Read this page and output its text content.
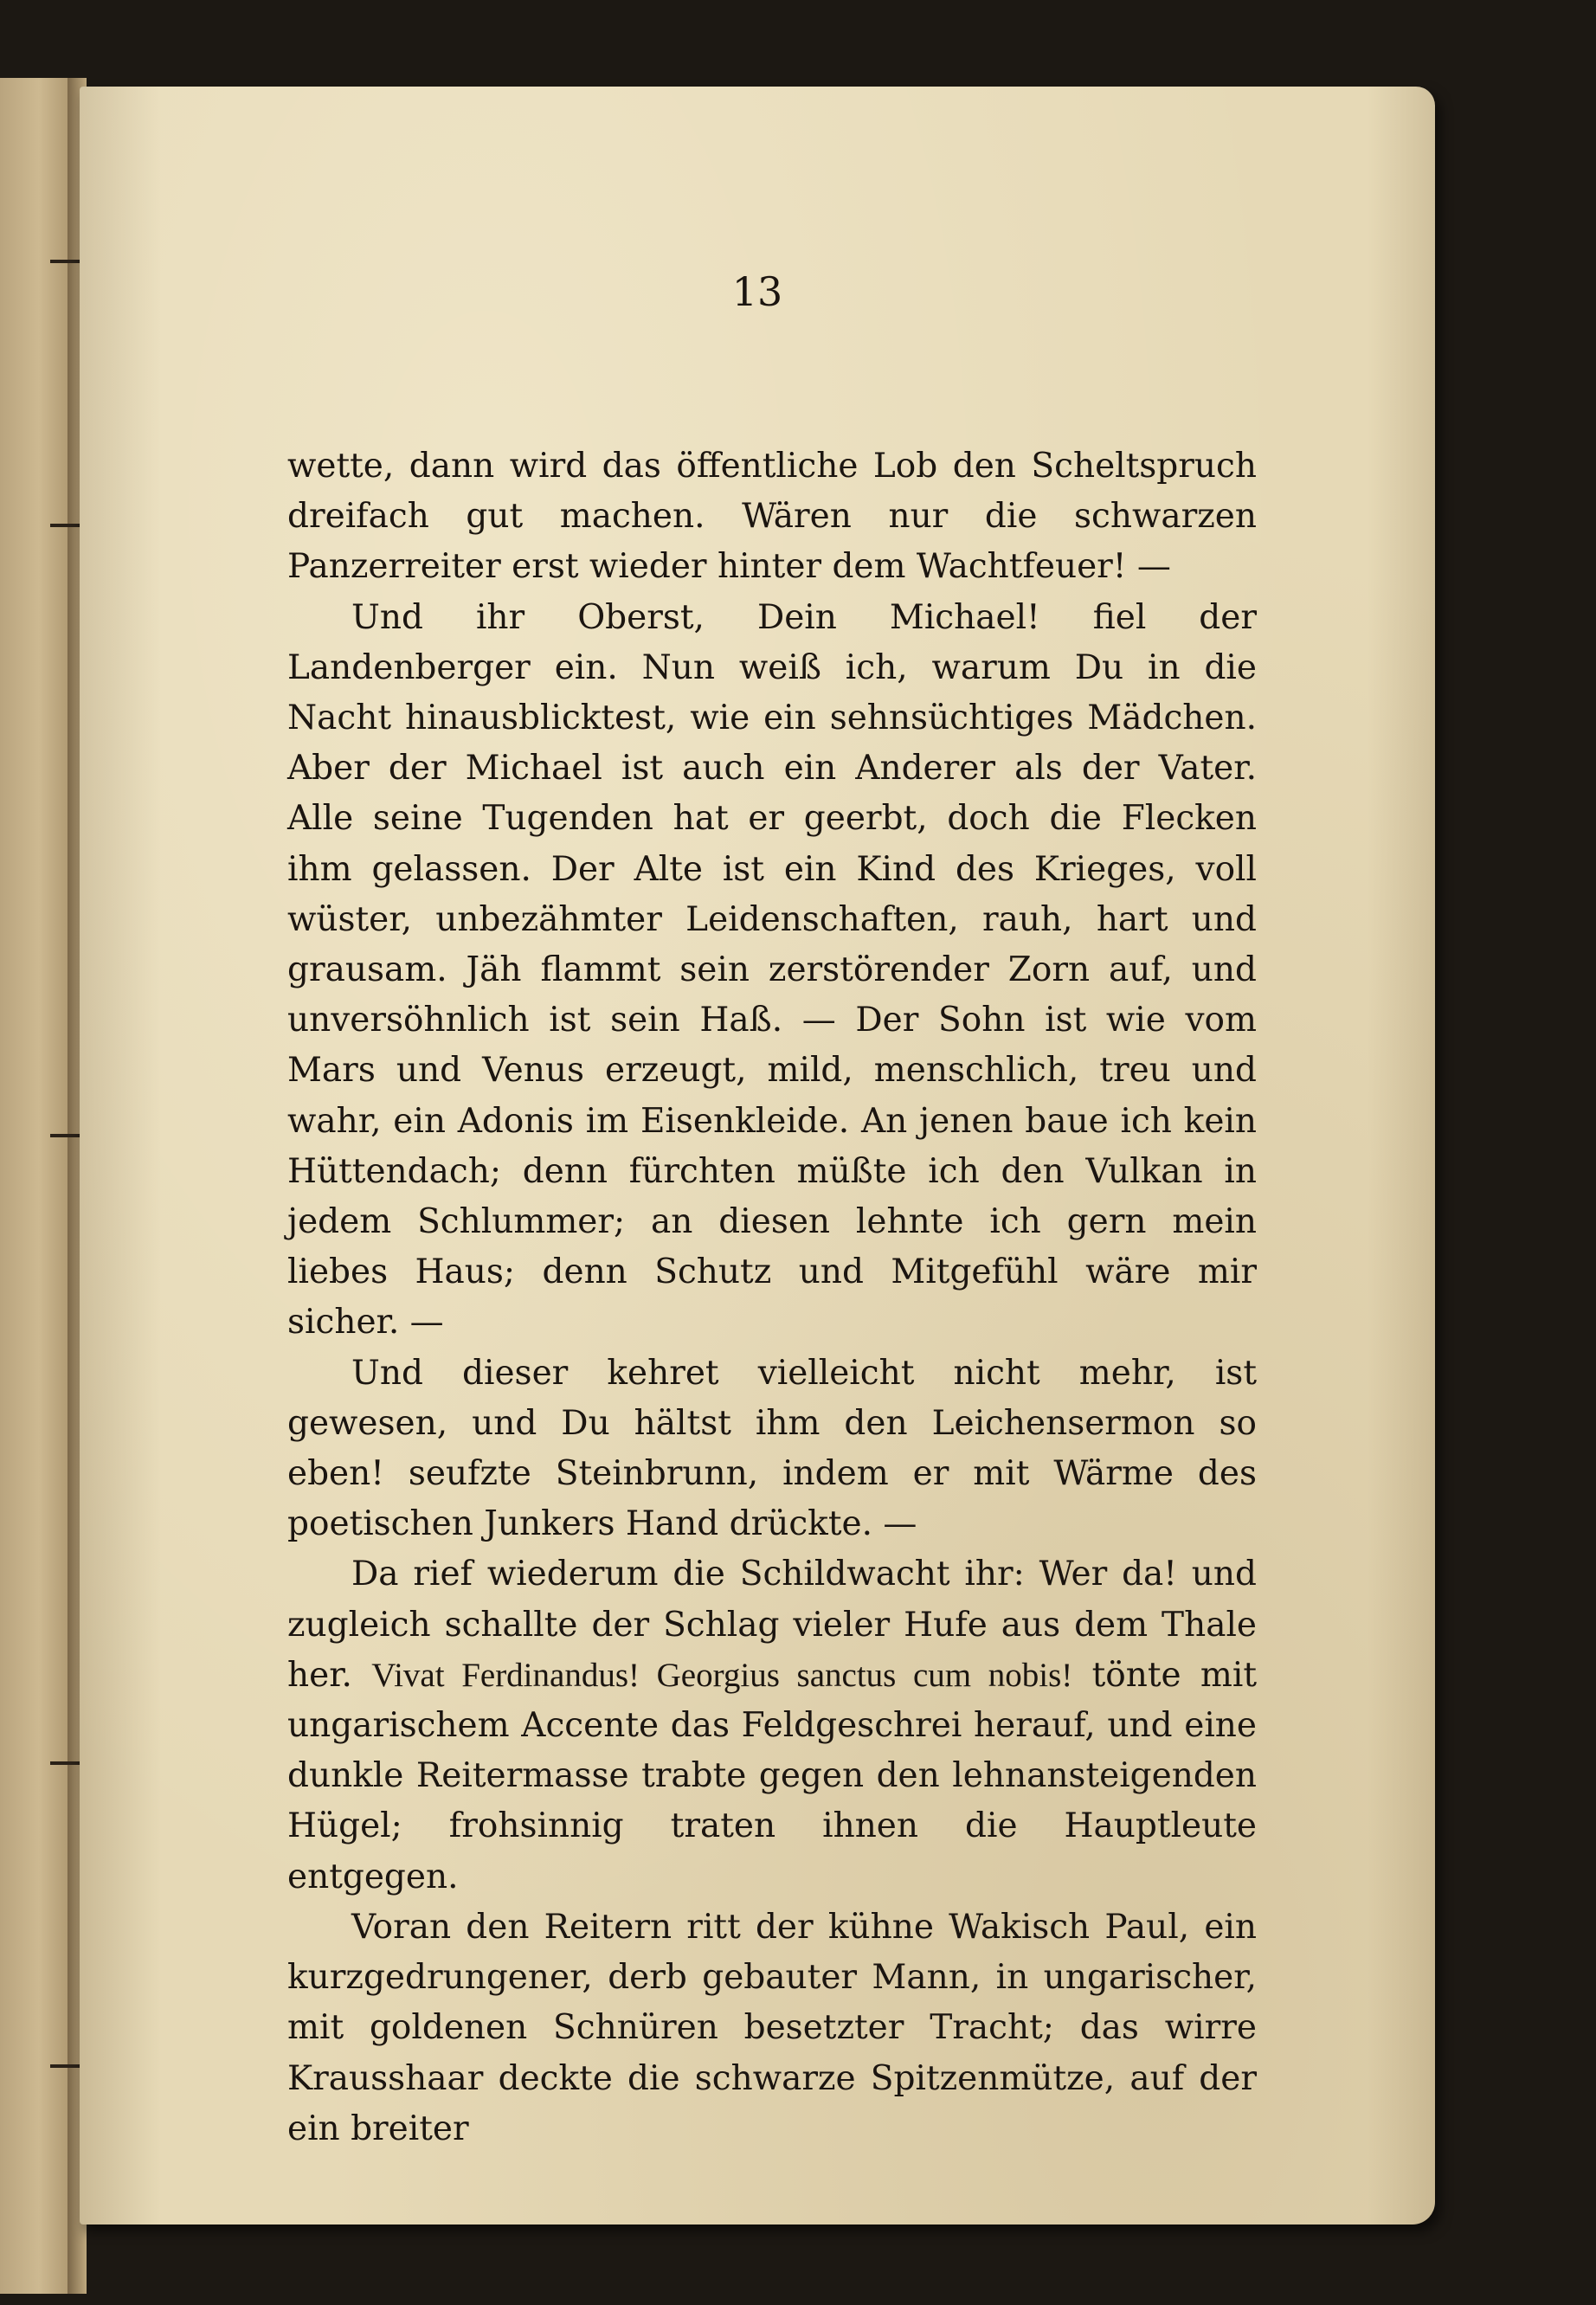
13

wette, dann wird das öffentliche Lob den Scheltspruch dreifach gut machen. Wären nur die schwarzen Panzerreiter erst wieder hinter dem Wachtfeuer! —

Und ihr Oberst, Dein Michael! fiel der Landenberger ein. Nun weiß ich, warum Du in die Nacht hinausblicktest, wie ein sehnsüchtiges Mädchen. Aber der Michael ist auch ein Anderer als der Vater. Alle seine Tugenden hat er geerbt, doch die Flecken ihm gelassen. Der Alte ist ein Kind des Krieges, voll wüster, unbezähmter Leidenschaften, rauh, hart und grausam. Jäh flammt sein zerstörender Zorn auf, und unversöhnlich ist sein Haß. — Der Sohn ist wie vom Mars und Venus erzeugt, mild, menschlich, treu und wahr, ein Adonis im Eisenkleide. An jenen baue ich kein Hüttendach; denn fürchten müßte ich den Vulkan in jedem Schlummer; an diesen lehnte ich gern mein liebes Haus; denn Schutz und Mitgefühl wäre mir sicher. —

Und dieser kehret vielleicht nicht mehr, ist gewesen, und Du hältst ihm den Leichensermon so eben! seufzte Steinbrunn, indem er mit Wärme des poetischen Junkers Hand drückte. —

Da rief wiederum die Schildwacht ihr: Wer da! und zugleich schallte der Schlag vieler Hufe aus dem Thale her. Vivat Ferdinandus! Georgius sanctus cum nobis! tönte mit ungarischem Accente das Feldgeschrei herauf, und eine dunkle Reitermasse trabte gegen den lehnansteigenden Hügel; frohsinnig traten ihnen die Hauptleute entgegen.

Voran den Reitern ritt der kühne Wakisch Paul, ein kurzgedrungener, derb gebauter Mann, in ungarischer, mit goldenen Schnüren besetzter Tracht; das wirre Krausshaar deckte die schwarze Spitzenmütze, auf der ein breiter
